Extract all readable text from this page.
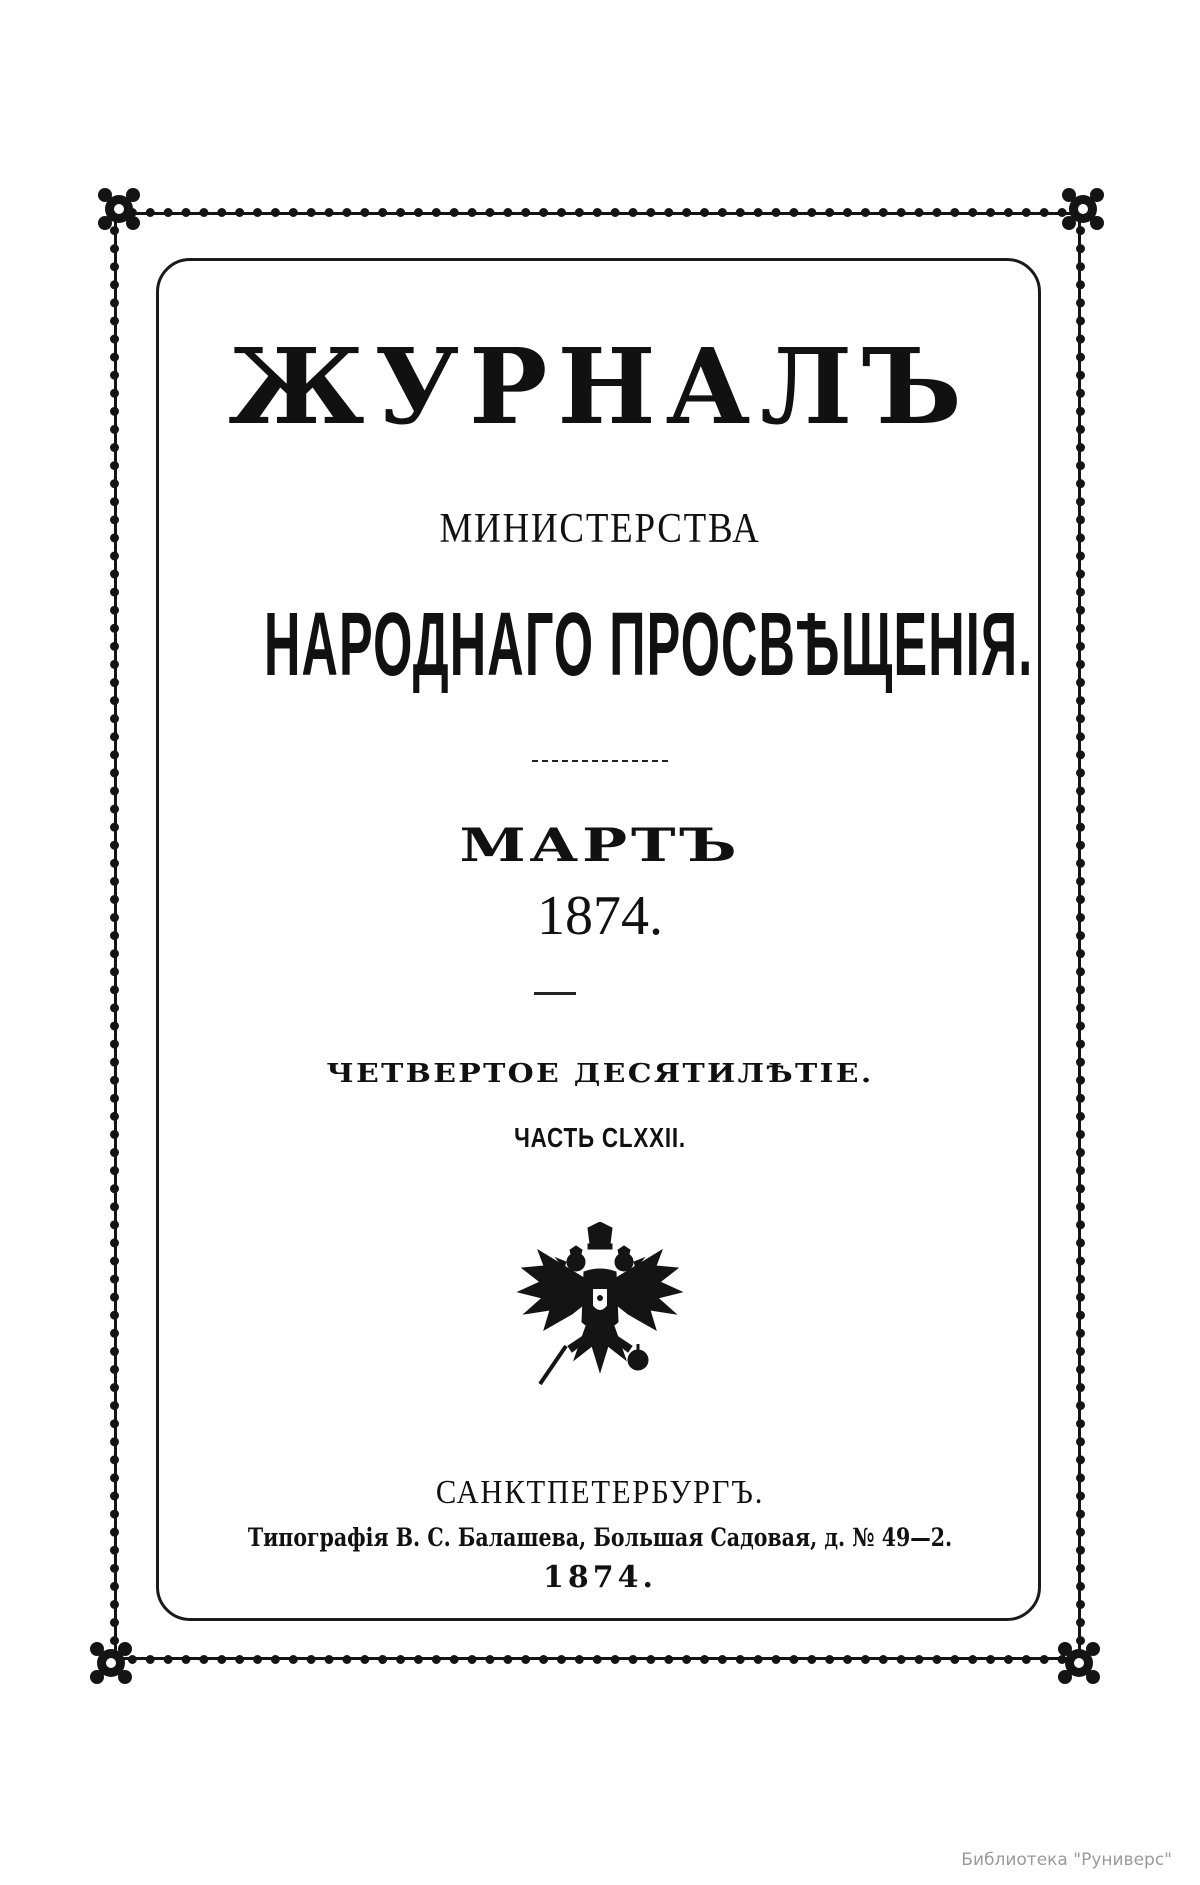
ЖУРНАЛЪ
МИНИСТЕРСТВА
НАРОДНАГО ПРОСВѢЩЕНІЯ.
МАРТЪ
1874.
ЧЕТВЕРТОЕ ДЕСЯТИЛѢТІЕ.
ЧАСТЬ CLXXII.
САНКТПЕТЕРБУРГЪ.
Типографія В. С. Балашева, Большая Садовая, д. № 49—2.
1874.
Библиотека "Руниверс"
